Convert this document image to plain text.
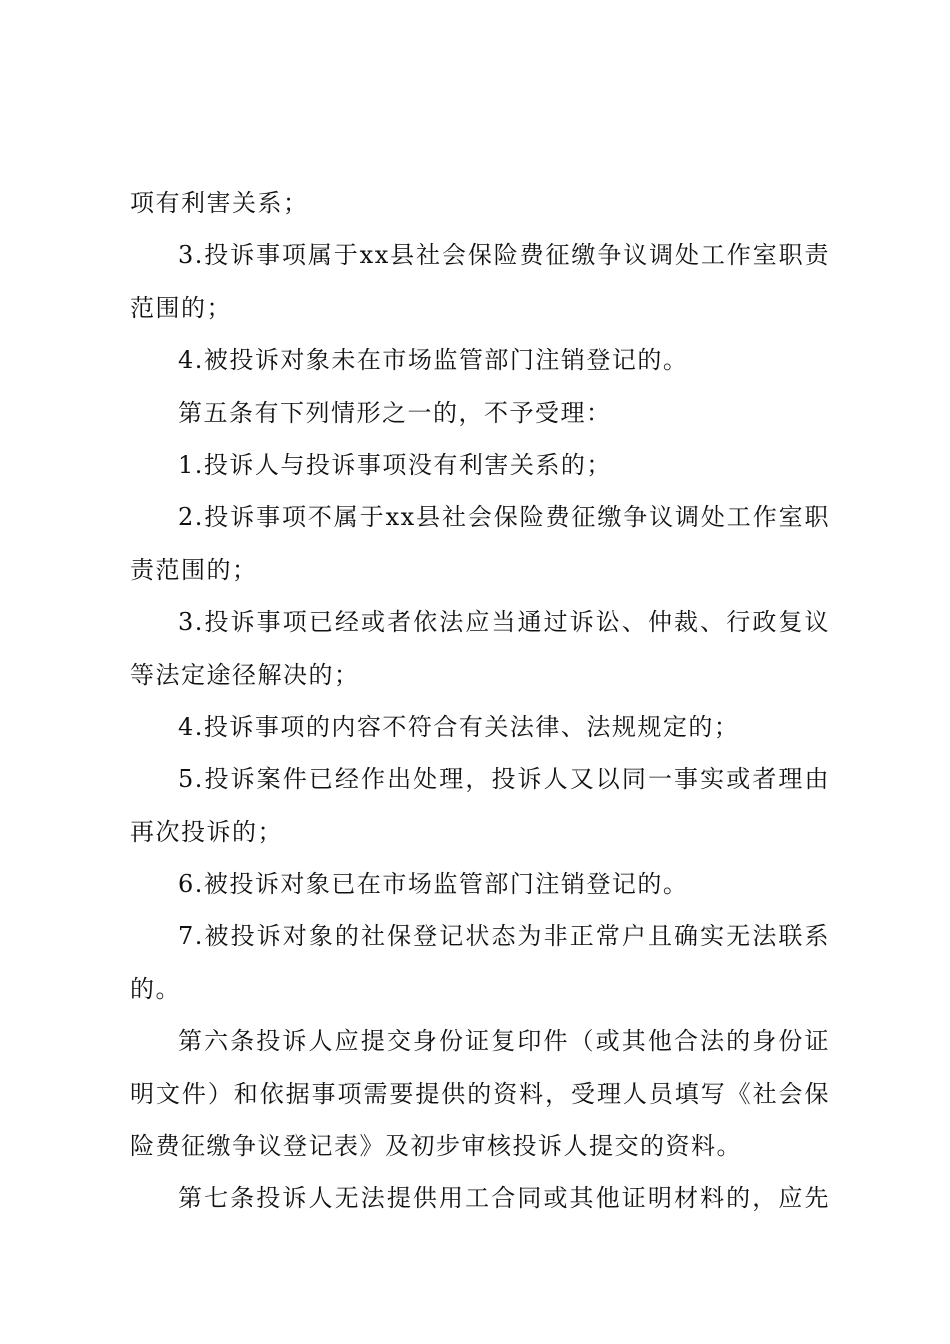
项有利害关系；
3.投诉事项属于xx县社会保险费征缴争议调处工作室职责
范围的；
4.被投诉对象未在市场监管部门注销登记的。
第五条有下列情形之一的，不予受理：
1.投诉人与投诉事项没有利害关系的；
2.投诉事项不属于xx县社会保险费征缴争议调处工作室职
责范围的；
3.投诉事项已经或者依法应当通过诉讼、仲裁、行政复议
等法定途径解决的；
4.投诉事项的内容不符合有关法律、法规规定的；
5.投诉案件已经作出处理，投诉人又以同一事实或者理由
再次投诉的；
6.被投诉对象已在市场监管部门注销登记的。
7.被投诉对象的社保登记状态为非正常户且确实无法联系
的。
第六条投诉人应提交身份证复印件（或其他合法的身份证
明文件）和依据事项需要提供的资料，受理人员填写《社会保
险费征缴争议登记表》及初步审核投诉人提交的资料。
第七条投诉人无法提供用工合同或其他证明材料的，应先
